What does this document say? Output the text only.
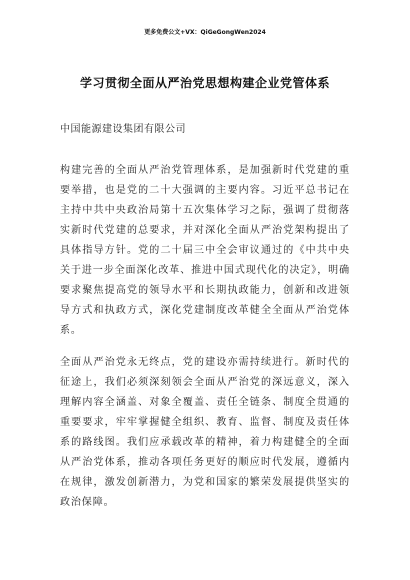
更多免费公文+VX：QiGeGongWen2024
学习贯彻全面从严治党思想构建企业党管体系
中国能源建设集团有限公司

构建完善的全面从严治党管理体系，是加强新时代党建的重要举措，也是党的二十大强调的主要内容。习近平总书记在主持中共中央政治局第十五次集体学习之际，强调了贯彻落实新时代党建的总要求，并对深化全面从严治党架构提出了具体指导方针。党的二十届三中全会审议通过的《中共中央关于进一步全面深化改革、推进中国式现代化的决定》，明确要求聚焦提高党的领导水平和长期执政能力，创新和改进领导方式和执政方式，深化党建制度改革健全全面从严治党体系。

全面从严治党永无终点，党的建设亦需持续进行。新时代的征途上，我们必须深刻领会全面从严治党的深远意义，深入理解内容全涵盖、对象全覆盖、责任全链条、制度全贯通的重要要求，牢牢掌握健全组织、教育、监督、制度及责任体系的路线图。我们应承载改革的精神，着力构建健全的全面从严治党体系，推动各项任务更好的顺应时代发展，遵循内在规律，激发创新潜力，为党和国家的繁荣发展提供坚实的政治保障。
